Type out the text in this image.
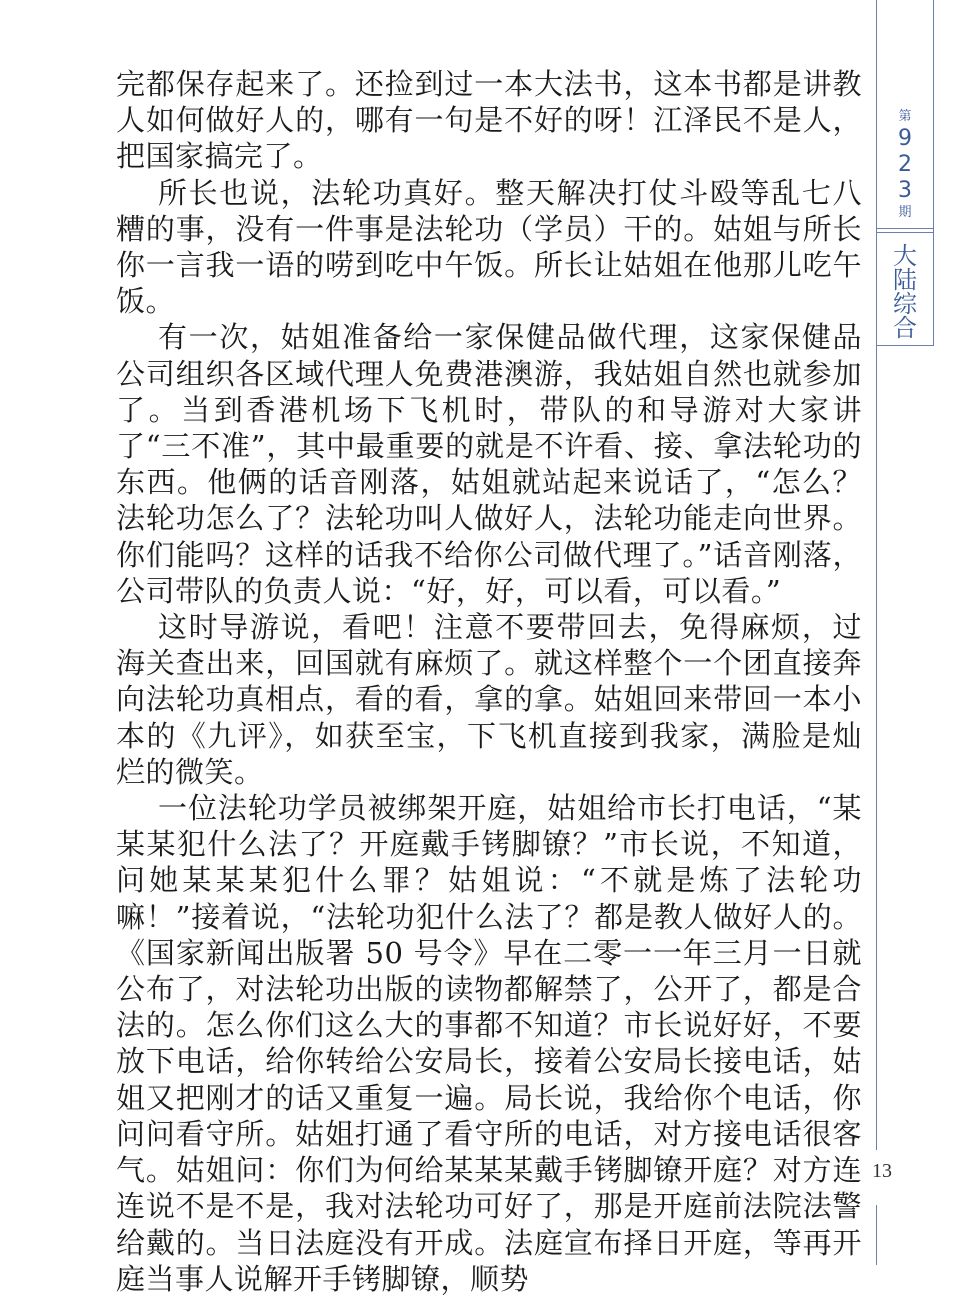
第
9
2
3
期
大
陆
综
合

完都保存起来了。还捡到过一本大法书，这本书都是讲教人如何做好人的，哪有一句是不好的呀！江泽民不是人，把国家搞完了。

所长也说，法轮功真好。整天解决打仗斗殴等乱七八糟的事，没有一件事是法轮功（学员）干的。姑姐与所长你一言我一语的唠到吃中午饭。所长让姑姐在他那儿吃午饭。

有一次，姑姐准备给一家保健品做代理，这家保健品公司组织各区域代理人免费港澳游，我姑姐自然也就参加了。当到香港机场下飞机时，带队的和导游对大家讲了“三不准”，其中最重要的就是不许看、接、拿法轮功的东西。他俩的话音刚落，姑姐就站起来说话了，“怎么？法轮功怎么了？法轮功叫人做好人，法轮功能走向世界。你们能吗？这样的话我不给你公司做代理了。”话音刚落，公司带队的负责人说：“好，好，可以看，可以看。”

这时导游说，看吧！注意不要带回去，免得麻烦，过海关查出来，回国就有麻烦了。就这样整个一个团直接奔向法轮功真相点，看的看，拿的拿。姑姐回来带回一本小本的《九评》，如获至宝，下飞机直接到我家，满脸是灿烂的微笑。

一位法轮功学员被绑架开庭，姑姐给市长打电话，“某某某犯什么法了？开庭戴手铐脚镣？”市长说，不知道，问她某某某犯什么罪？姑姐说：“不就是炼了法轮功嘛！”接着说，“法轮功犯什么法了？都是教人做好人的。《国家新闻出版署 50 号令》早在二零一一年三月一日就公布了，对法轮功出版的读物都解禁了，公开了，都是合法的。怎么你们这么大的事都不知道？市长说好好，不要放下电话，给你转给公安局长，接着公安局长接电话，姑姐又把刚才的话又重复一遍。局长说，我给你个电话，你问问看守所。姑姐打通了看守所的电话，对方接电话很客气。姑姐问：你们为何给某某某戴手铐脚镣开庭？对方连连说不是不是，我对法轮功可好了，那是开庭前法院法警给戴的。当日法庭没有开成。法庭宣布择日开庭，等再开庭当事人说解开手铐脚镣，顺势

13
